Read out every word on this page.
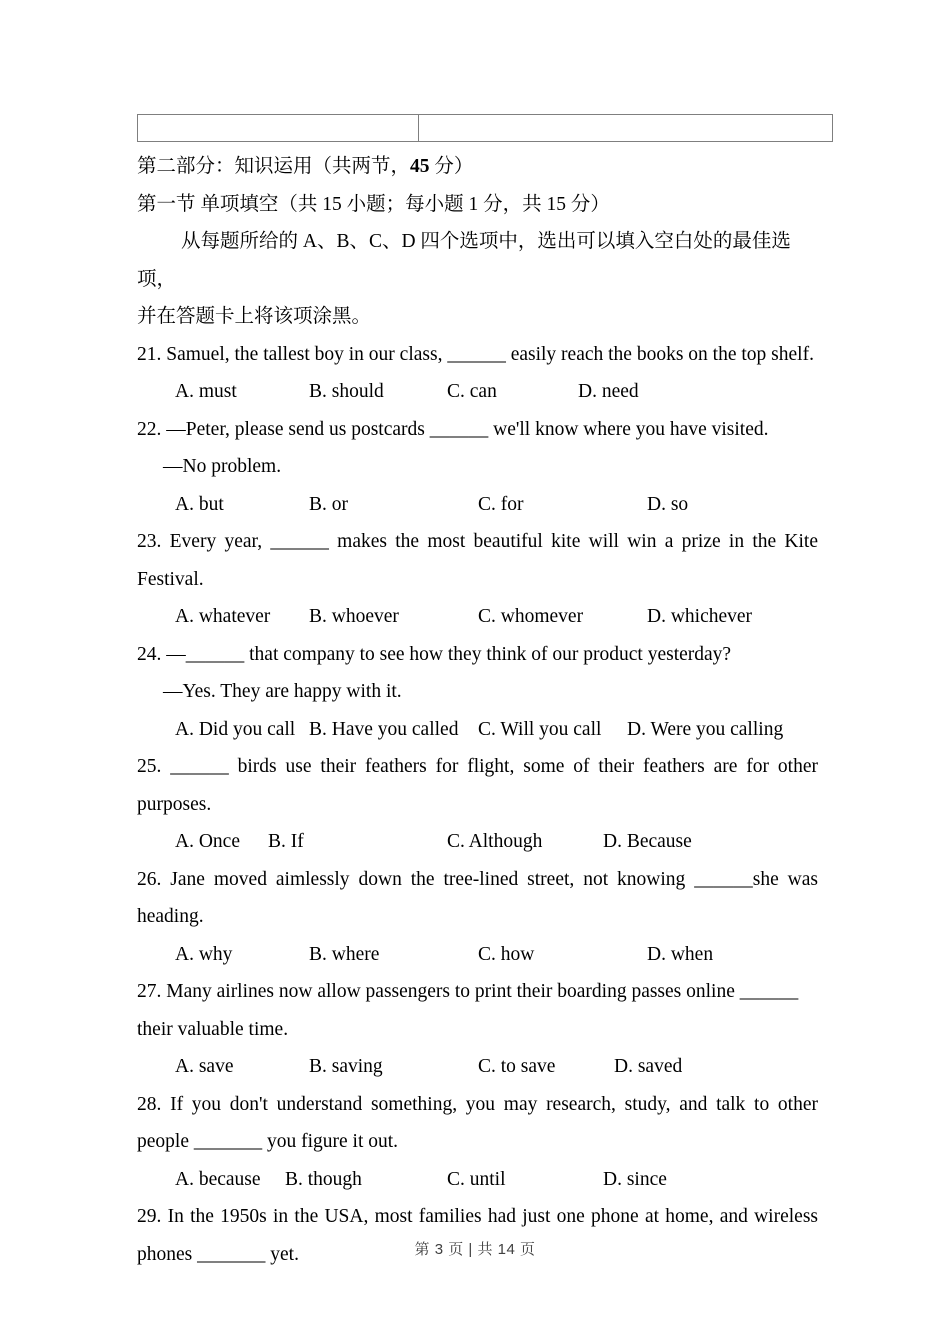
第二部分：知识运用（共两节，45 分）

第一节 单项填空（共 15 小题；每小题 1 分，共 15 分）

从每题所给的 A、B、C、D 四个选项中，选出可以填入空白处的最佳选项，

并在答题卡上将该项涂黑。

21. Samuel, the tallest boy in our class, ______ easily reach the books on the top shelf.

A. must	B. should	C. can	D. need

22. —Peter, please send us postcards ______ we'll know where you have visited.

—No problem.

A. but	B. or	C. for	D. so

23. Every year, ______ makes the most beautiful kite will win a prize in the Kite Festival.

A. whatever B. whoever	C. whomever	D. whichever

24. —______ that company to see how they think of our product yesterday?

—Yes. They are happy with it.

A. Did you call B. Have you called C. Will you call D. Were you calling

25. ______ birds use their feathers for flight, some of their feathers are for other purposes.

A. Once B. If	C. Although	D. Because

26. Jane moved aimlessly down the tree-lined street, not knowing ______she was heading.

A. why	B. where	C. how	D. when

27. Many airlines now allow passengers to print their boarding passes online ______ their valuable time.

A. save	B. saving	C. to save	D. saved

28. If you don't understand something, you may research, study, and talk to other people _______ you figure it out.

A. because B. though	C. until	D. since

29. In the 1950s in the USA, most families had just one phone at home, and wireless phones _______ yet.	第 3 页 | 共 14 页
